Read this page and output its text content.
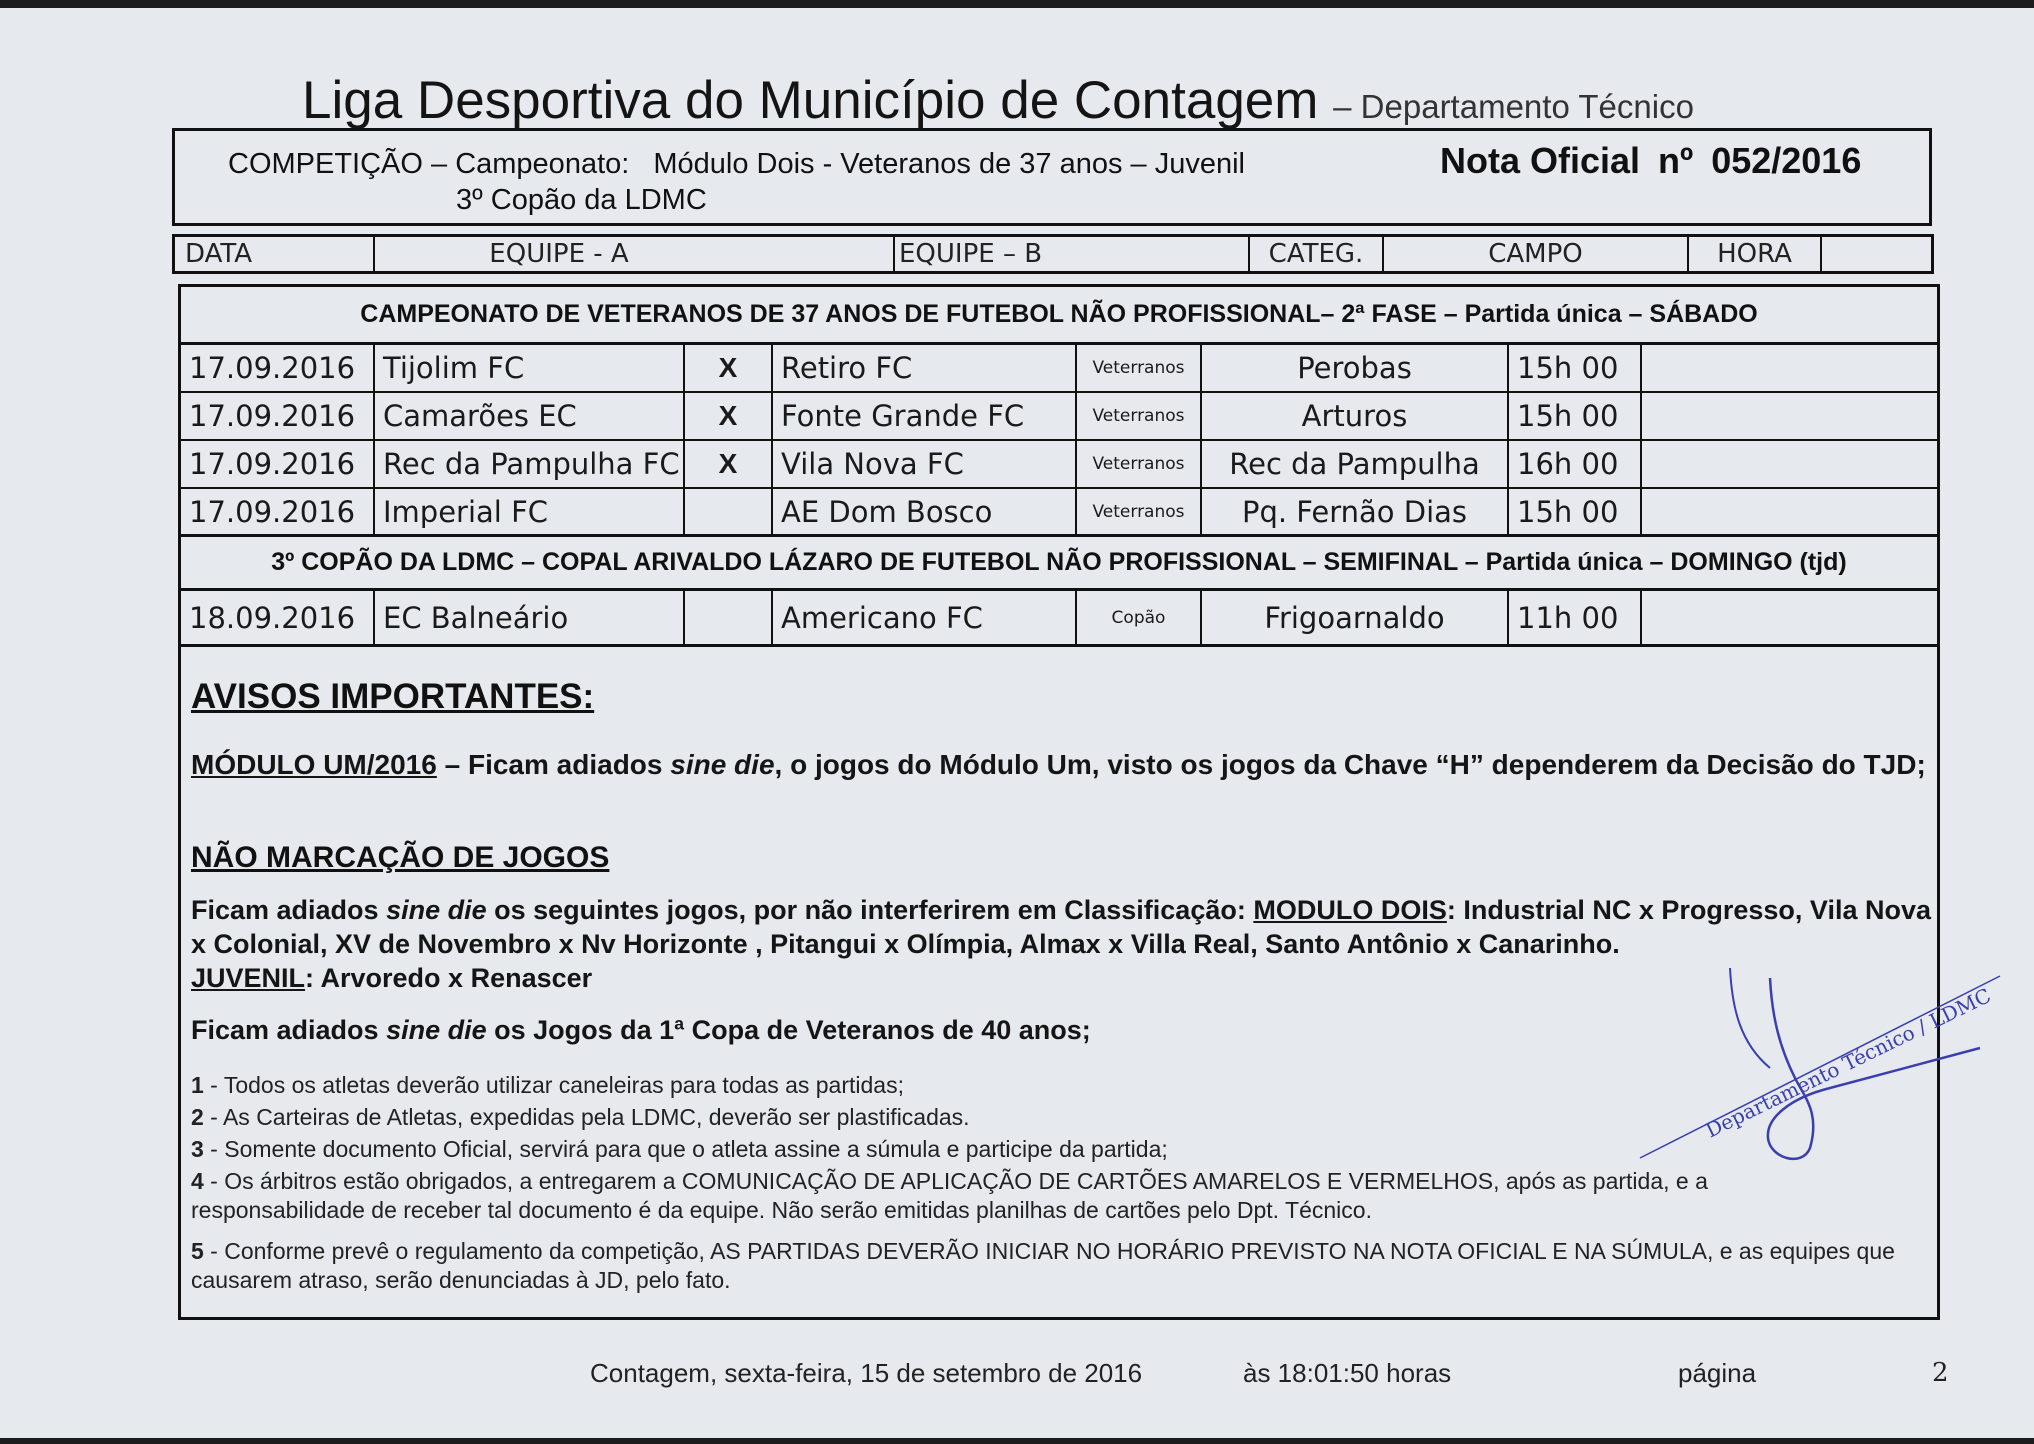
Liga Desportiva do Município de Contagem – Departamento Técnico
COMPETIÇÃO – Campeonato: Módulo Dois - Veteranos de 37 anos – Juvenil
3º Copão da LDMC
Nota Oficial nº 052/2016
DATA	EQUIPE - A	EQUIPE – B	CATEG.	CAMPO	HORA
CAMPEONATO DE VETERANOS DE 37 ANOS DE FUTEBOL NÃO PROFISSIONAL– 2ª FASE – Partida única – SÁBADO
17.09.2016 Tijolim FC	X	Retiro FC	Veterranos	Perobas	15h 00
17.09.2016 Camarões EC	X	Fonte Grande FC	Veterranos	Arturos	15h 00
17.09.2016 Rec da Pampulha FC	X	Vila Nova FC	Veterranos	Rec da Pampulha	16h 00
17.09.2016 Imperial FC	AE Dom Bosco	Veterranos	Pq. Fernão Dias	15h 00
3º COPÃO DA LDMC – COPAL ARIVALDO LÁZARO DE FUTEBOL NÃO PROFISSIONAL – SEMIFINAL – Partida única – DOMINGO (tjd)
18.09.2016 EC Balneário	Americano FC	Copão	Frigoarnaldo	11h 00
AVISOS IMPORTANTES:
MÓDULO UM/2016 – Ficam adiados sine die, o jogos do Módulo Um, visto os jogos da Chave “H” dependerem da Decisão do TJD;
NÃO MARCAÇÃO DE JOGOS
Ficam adiados sine die os seguintes jogos, por não interferirem em Classificação: MODULO DOIS: Industrial NC x Progresso, Vila Nova x Colonial, XV de Novembro x Nv Horizonte , Pitangui x Olímpia, Almax x Villa Real, Santo Antônio x Canarinho.
JUVENIL: Arvoredo x Renascer
Ficam adiados sine die os Jogos da 1ª Copa de Veteranos de 40 anos;
1 - Todos os atletas deverão utilizar caneleiras para todas as partidas;
2 - As Carteiras de Atletas, expedidas pela LDMC, deverão ser plastificadas.
3 - Somente documento Oficial, servirá para que o atleta assine a súmula e participe da partida;
4 - Os árbitros estão obrigados, a entregarem a COMUNICAÇÃO DE APLICAÇÃO DE CARTÕES AMARELOS E VERMELHOS, após as partida, e a responsabilidade de receber tal documento é da equipe. Não serão emitidas planilhas de cartões pelo Dpt. Técnico.
5 - Conforme prevê o regulamento da competição, AS PARTIDAS DEVERÃO INICIAR NO HORÁRIO PREVISTO NA NOTA OFICIAL E NA SÚMULA, e as equipes que causarem atraso, serão denunciadas à JD, pelo fato.
Departamento Técnico / LDMC
Contagem, sexta-feira, 15 de setembro de 2016	às 18:01:50 horas	página	2
